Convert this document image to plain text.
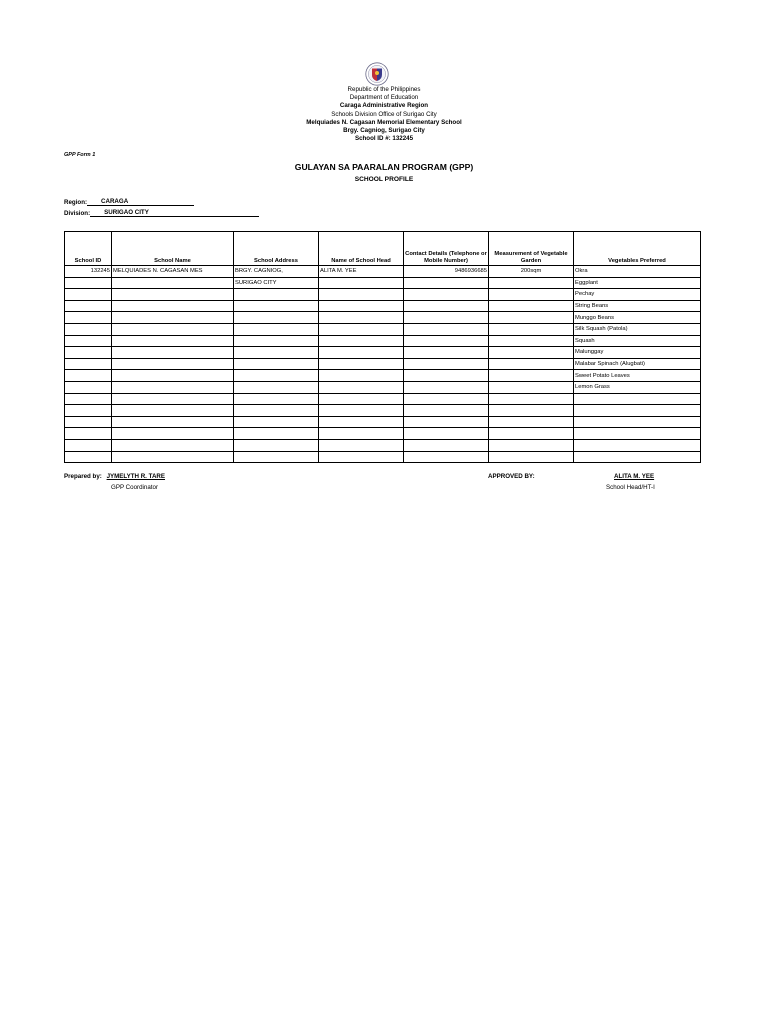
Republic of the Philippines
Department of Education
Caraga Administrative Region
Schools Division Office of Surigao City
Melquiades N. Cagasan Memorial Elementary School
Brgy. Cagniog, Surigao City
School ID #: 132245
GPP Form 1
GULAYAN SA PAARALAN PROGRAM (GPP)
SCHOOL PROFILE
Region: CARAGA
Division: SURIGAO CITY
School ID	School Name	School Address	Name of School Head	Contact Details (Telephone or Mobile Number)	Measurement of Vegetable Garden	Vegetables Preferred
132245	MELQUIADES N. CAGASAN MES	BRGY. CAGNIOG,	ALITA M. YEE	9486936685	200sqm	Okra
		SURIGAO CITY				Eggplant
						Pechay
						String Beans
						Munggo Beans
						Silk Squash (Patola)
						Squash
						Malunggay
						Malabar Spinach (Alugbati)
						Sweet Potato Leaves
						Lemon Grass

Prepared by: JYMELYTH R. TARE
GPP Coordinator
APPROVED BY:	ALITA M. YEE
School Head/HT-I
